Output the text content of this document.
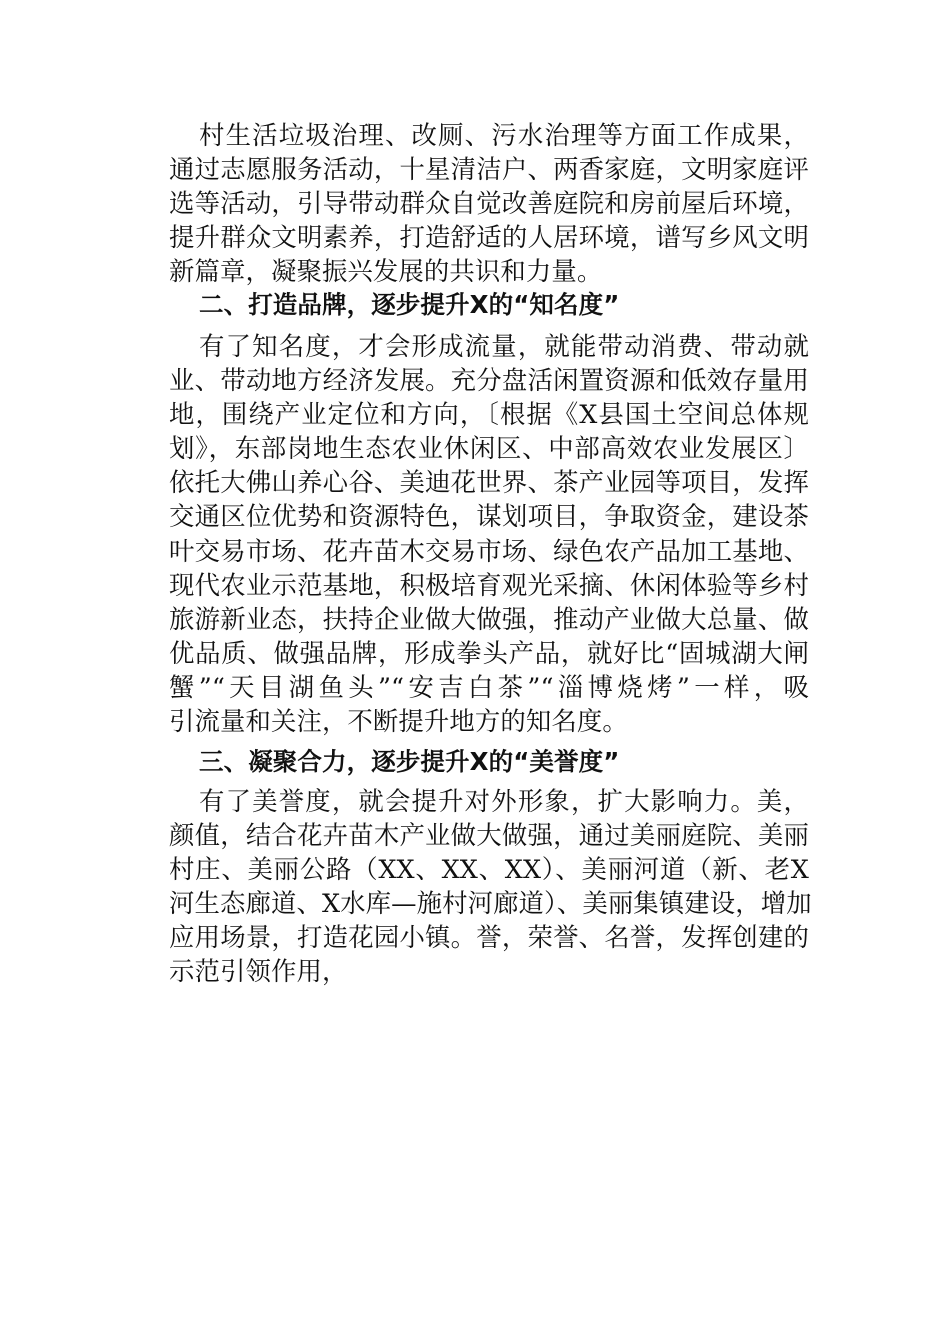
村生活垃圾治理、改厕、污水治理等方面工作成果，
通过志愿服务活动，十星清洁户、两香家庭，文明家庭评
选等活动，引导带动群众自觉改善庭院和房前屋后环境，
提升群众文明素养，打造舒适的人居环境，谱写乡风文明
新篇章，凝聚振兴发展的共识和力量。
二、打造品牌，逐步提升X的“知名度”
有了知名度，才会形成流量，就能带动消费、带动就
业、带动地方经济发展。充分盘活闲置资源和低效存量用
地，围绕产业定位和方向，〔根据《X县国土空间总体规
划》，东部岗地生态农业休闲区、中部高效农业发展区〕
依托大佛山养心谷、美迪花世界、茶产业园等项目，发挥
交通区位优势和资源特色，谋划项目，争取资金，建设茶
叶交易市场、花卉苗木交易市场、绿色农产品加工基地、
现代农业示范基地，积极培育观光采摘、休闲体验等乡村
旅游新业态，扶持企业做大做强，推动产业做大总量、做
优品质、做强品牌，形成拳头产品，就好比“固城湖大闸
蟹”“天目湖鱼头”“安吉白茶”“淄博烧烤”一样，吸
引流量和关注，不断提升地方的知名度。
三、凝聚合力，逐步提升X的“美誉度”
有了美誉度，就会提升对外形象，扩大影响力。美，
颜值，结合花卉苗木产业做大做强，通过美丽庭院、美丽
村庄、美丽公路（XX、XX、XX）、美丽河道（新、老X
河生态廊道、X水库—施村河廊道）、美丽集镇建设，增加
应用场景，打造花园小镇。誉，荣誉、名誉，发挥创建的
示范引领作用，
